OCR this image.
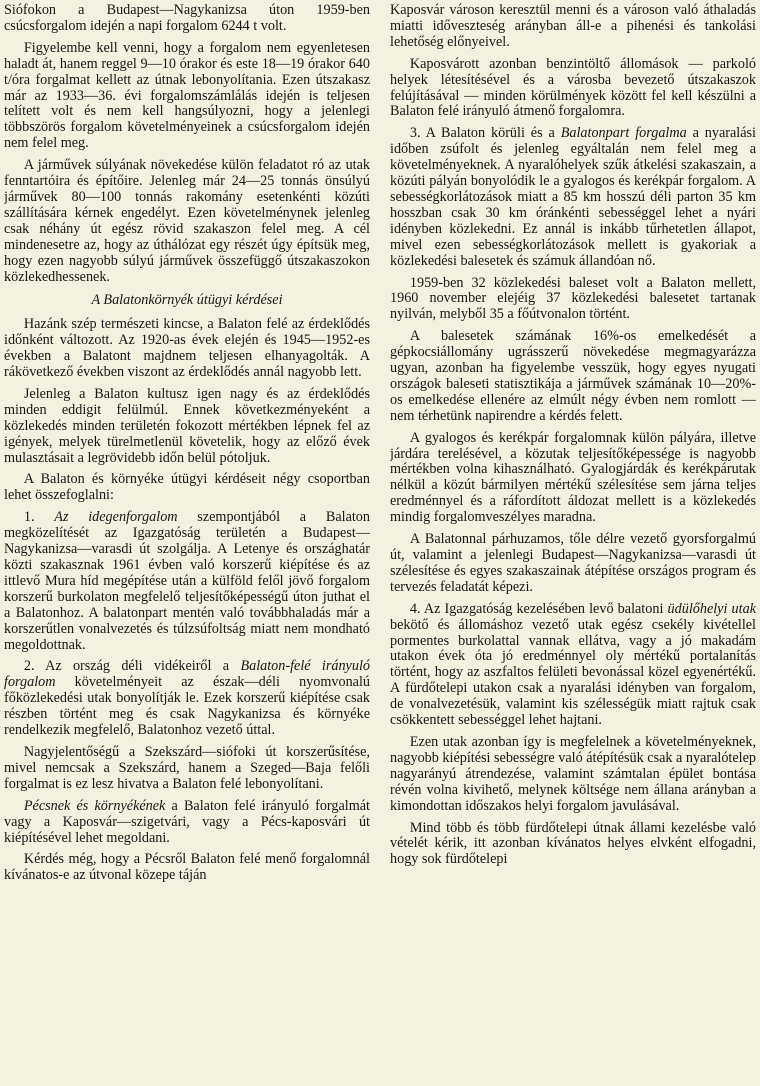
Siófokon a Budapest—Nagykanizsa úton 1959-ben csúcsforgalom idején a napi forgalom 6244 t volt.

Figyelembe kell venni, hogy a forgalom nem egyenletesen haladt át, hanem reggel 9—10 órakor és este 18—19 órakor 640 t/óra forgalmat kellett az útnak lebonyolítania. Ezen útszakasz már az 1933—36. évi forgalomszámlálás idején is teljesen telített volt és nem kell hangsúlyozni, hogy a jelenlegi többszörös forgalom követelményeinek a csúcsforgalom idején nem felel meg.

A járművek súlyának növekedése külön feladatot ró az utak fenntartóira és építőire. Jelenleg már 24—25 tonnás önsúlyú járművek 80—100 tonnás rakomány esetenkénti közúti szállítására kérnek engedélyt. Ezen követelménynek jelenleg csak néhány út egész rövid szakaszon felel meg. A cél mindenesetre az, hogy az úthálózat egy részét úgy építsük meg, hogy ezen nagyobb súlyú járművek összefüggő útszakaszokon közlekedhessenek.

A Balatonkörnyék útügyi kérdései

Hazánk szép természeti kincse, a Balaton felé az érdeklődés időnként változott. Az 1920-as évek elején és 1945—1952-es években a Balatont majdnem teljesen elhanyagolták. A rákövetkező években viszont az érdeklődés annál nagyobb lett.

Jelenleg a Balaton kultusz igen nagy és az érdeklődés minden eddigit felülmúl. Ennek következményeként a közlekedés minden területén fokozott mértékben lépnek fel az igények, melyek türelmetlenül követelik, hogy az előző évek mulasztásait a legrövidebb időn belül pótoljuk.

A Balaton és környéke útügyi kérdéseit négy csoportban lehet összefoglalni:

1. Az idegenforgalom szempontjából a Balaton megközelítését az Igazgatóság területén a Budapest—Nagykanizsa—varasdi út szolgálja. A Letenye és országhatár közti szakasznak 1961 évben való korszerű kiépítése és az ittlevő Mura híd megépítése után a külföld felől jövő forgalom korszerű burkolaton megfelelő teljesítőképességű úton juthat el a Balatonhoz. A balatonpart mentén való továbbhaladás már a korszerűtlen vonalvezetés és túlzsúfoltság miatt nem mondható megoldottnak.

2. Az ország déli vidékeiről a Balaton-felé irányuló forgalom követelményeit az észak—déli nyomvonalú főközlekedési utak bonyolítják le. Ezek korszerű kiépítése csak részben történt meg és csak Nagykanizsa és környéke rendelkezik megfelelő, Balatonhoz vezető úttal.

Nagyjelentőségű a Szekszárd—siófoki út korszerűsítése, mivel nemcsak a Szekszárd, hanem a Szeged—Baja felőli forgalmat is ez lesz hivatva a Balaton felé lebonyolítani.

Pécsnek és környékének a Balaton felé irányuló forgalmát vagy a Kaposvár—szigetvári, vagy a Pécs-kaposvári út kiépítésével lehet megoldani.

Kérdés még, hogy a Pécsről Balaton felé menő forgalomnál kívánatos-e az útvonal közepe táján

Kaposvár városon keresztül menni és a városon való áthaladás miatti időveszteség arányban áll-e a pihenési és tankolási lehetőség előnyeivel.

Kaposvárott azonban benzintöltő állomások — parkoló helyek létesítésével és a városba bevezető útszakaszok felújításával — minden körülmények között fel kell készülni a Balaton felé irányuló átmenő forgalomra.

3. A Balaton körüli és a Balatonpart forgalma a nyaralási időben zsúfolt és jelenleg egyáltalán nem felel meg a követelményeknek. A nyaralóhelyek szűk átkelési szakaszain, a közúti pályán bonyolódik le a gyalogos és kerékpár forgalom. A sebességkorlátozások miatt a 85 km hosszú déli parton 35 km hosszban csak 30 km óránkénti sebességgel lehet a nyári idényben közlekedni. Ez annál is inkább tűrhetetlen állapot, mivel ezen sebességkorlátozások mellett is gyakoriak a közlekedési balesetek és számuk állandóan nő.

1959-ben 32 közlekedési baleset volt a Balaton mellett, 1960 november elejéig 37 közlekedési balesetet tartanak nyilván, melyből 35 a főútvonalon történt.

A balesetek számának 16%-os emelkedését a gépkocsiállomány ugrásszerű növekedése megmagyarázza ugyan, azonban ha figyelembe vesszük, hogy egyes nyugati országok baleseti statisztikája a járművek számának 10—20%-os emelkedése ellenére az elmúlt négy évben nem romlott — nem térhetünk napirendre a kérdés felett.

A gyalogos és kerékpár forgalomnak külön pályára, illetve járdára terelésével, a közutak teljesítőképessége is nagyobb mértékben volna kihasználható. Gyalogjárdák és kerékpárutak nélkül a közút bármilyen mértékű szélesítése sem járna teljes eredménnyel és a ráfordított áldozat mellett is a közlekedés mindig forgalomveszélyes maradna.

A Balatonnal párhuzamos, tőle délre vezető gyorsforgalmú út, valamint a jelenlegi Budapest—Nagykanizsa—varasdi út szélesítése és egyes szakaszainak átépítése országos program és tervezés feladatát képezi.

4. Az Igazgatóság kezelésében levő balatoni üdülőhelyi utak bekötő és állomáshoz vezető utak egész csekély kivétellel pormentes burkolattal vannak ellátva, vagy a jó makadám utakon évek óta jó eredménnyel oly mértékű portalanítás történt, hogy az aszfaltos felületi bevonással közel egyenértékű. A fürdőtelepi utakon csak a nyaralási idényben van forgalom, de vonalvezetésük, valamint kis szélességük miatt rajtuk csak csökkentett sebességgel lehet hajtani.

Ezen utak azonban így is megfelelnek a követelményeknek, nagyobb kiépítési sebességre való átépítésük csak a nyaralótelep nagyarányú átrendezése, valamint számtalan épület bontása révén volna kivihető, melynek költsége nem állana arányban a kimondottan időszakos helyi forgalom javulásával.

Mind több és több fürdőtelepi útnak állami kezelésbe való vételét kérik, itt azonban kívánatos helyes elvként elfogadni, hogy sok fürdőtelepi
